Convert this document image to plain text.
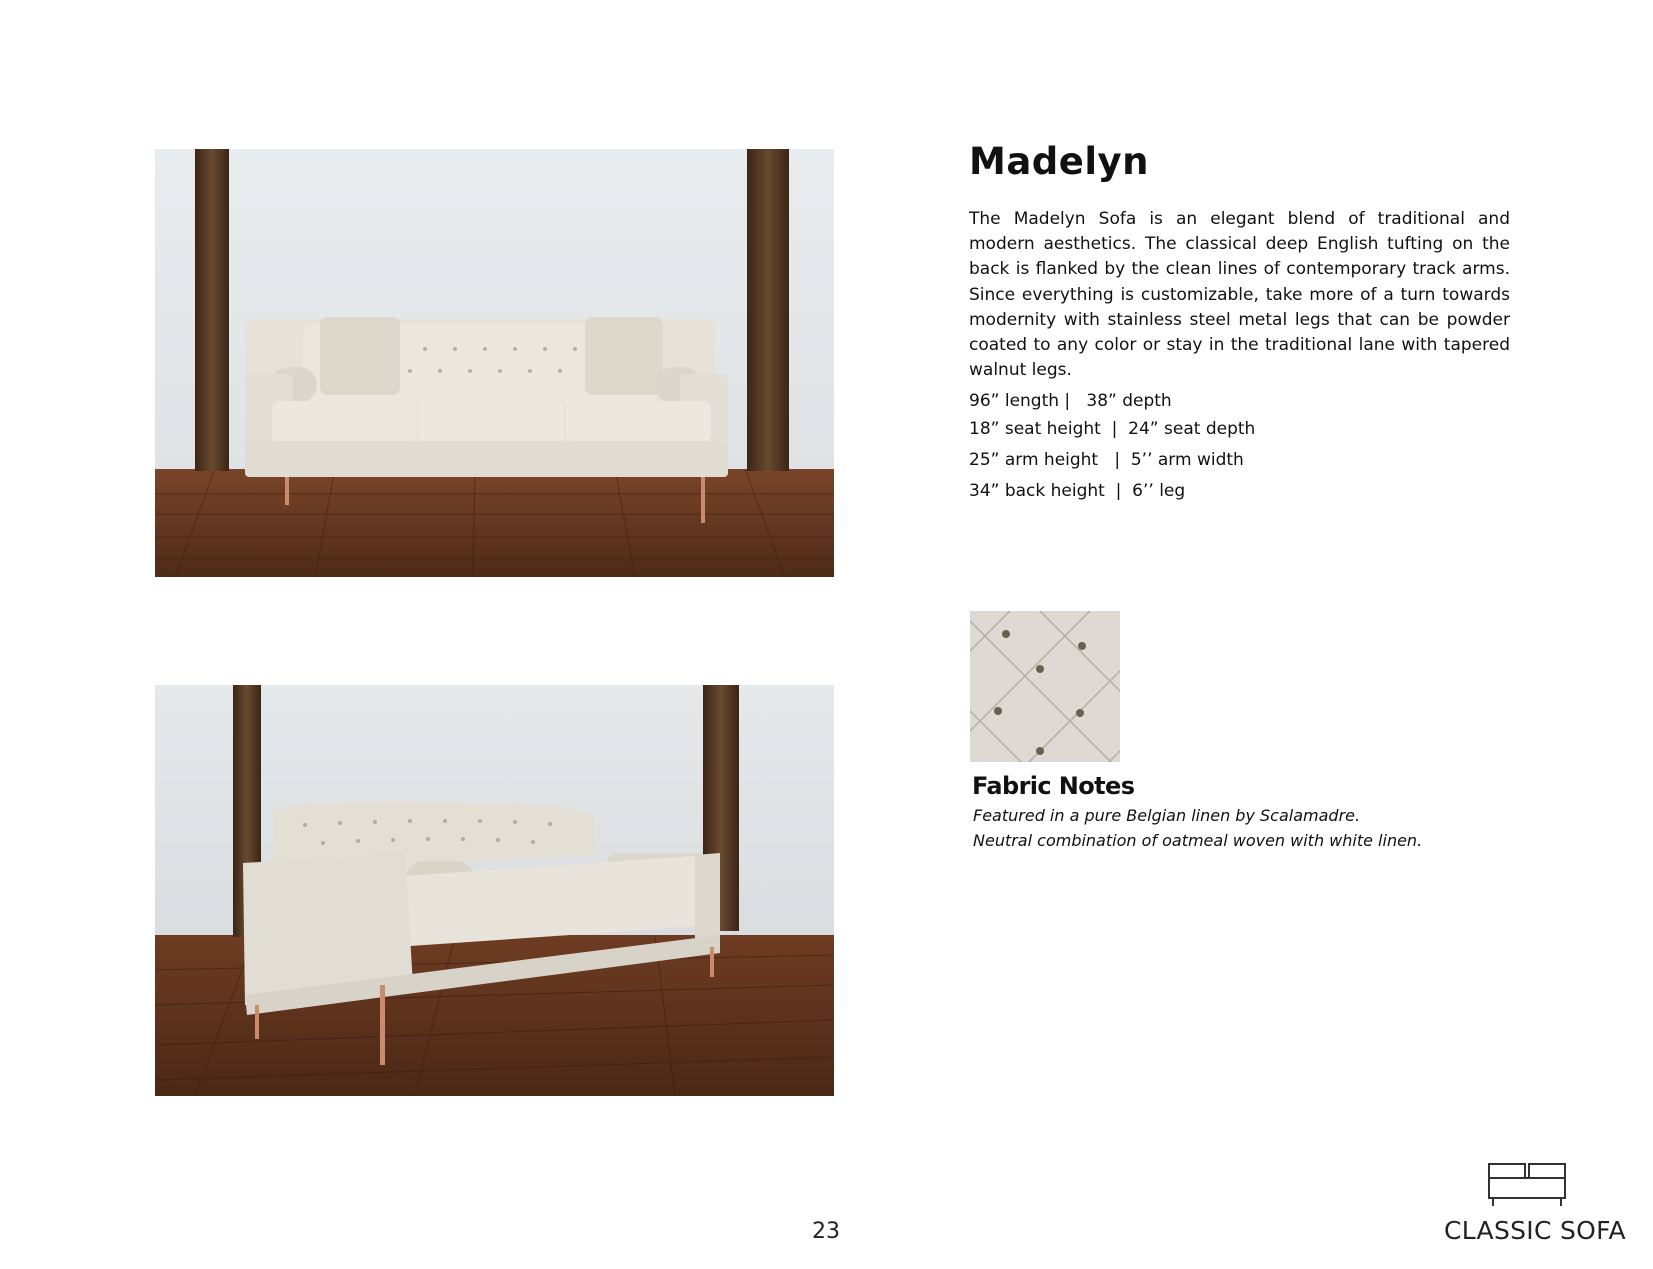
Madelyn

The Madelyn Sofa is an elegant blend of traditional and modern aesthetics. The classical deep English tufting on the back is flanked by the clean lines of contemporary track arms. Since everything is customizable, take more of a turn towards modernity with stainless steel metal legs that can be powder coated to any color or stay in the traditional lane with tapered walnut legs.

96” length |   38” depth
18” seat height  |  24” seat depth
25” arm height   |  5’’ arm width
34” back height  |  6’’ leg
Fabric Notes
Featured in a pure Belgian linen by Scalamadre.
Neutral combination of oatmeal woven with white linen.
23	CLASSIC SOFA
